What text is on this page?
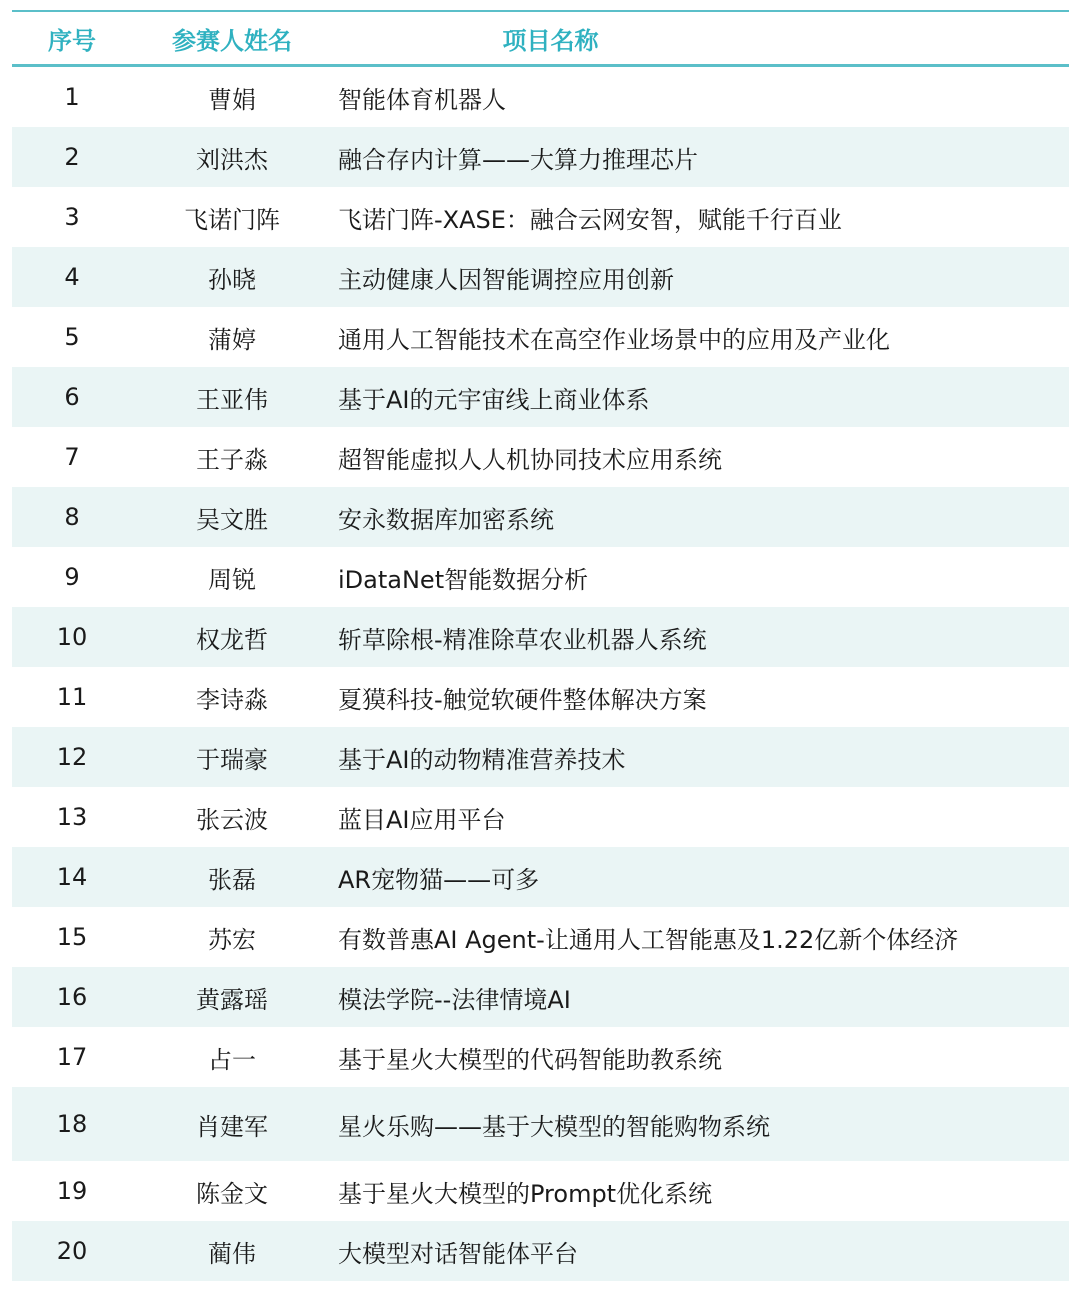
序号	参赛人姓名	项目名称
1	曹娟	智能体育机器人
2	刘洪杰	融合存内计算——大算力推理芯片
3	飞诺门阵	飞诺门阵-XASE：融合云网安智，赋能千行百业
4	孙晓	主动健康人因智能调控应用创新
5	蒲婷	通用人工智能技术在高空作业场景中的应用及产业化
6	王亚伟	基于AI的元宇宙线上商业体系
7	王子淼	超智能虚拟人人机协同技术应用系统
8	吴文胜	安永数据库加密系统
9	周锐	iDataNet智能数据分析
10	权龙哲	斩草除根-精准除草农业机器人系统
11	李诗淼	夏獏科技-触觉软硬件整体解决方案
12	于瑞豪	基于AI的动物精准营养技术
13	张云波	蓝目AI应用平台
14	张磊	AR宠物猫——可多
15	苏宏	有数普惠AI Agent-让通用人工智能惠及1.22亿新个体经济
16	黄露瑶	模法学院--法律情境AI
17	占一	基于星火大模型的代码智能助教系统
18	肖建军	星火乐购——基于大模型的智能购物系统
19	陈金文	基于星火大模型的Prompt优化系统
20	蔺伟	大模型对话智能体平台
